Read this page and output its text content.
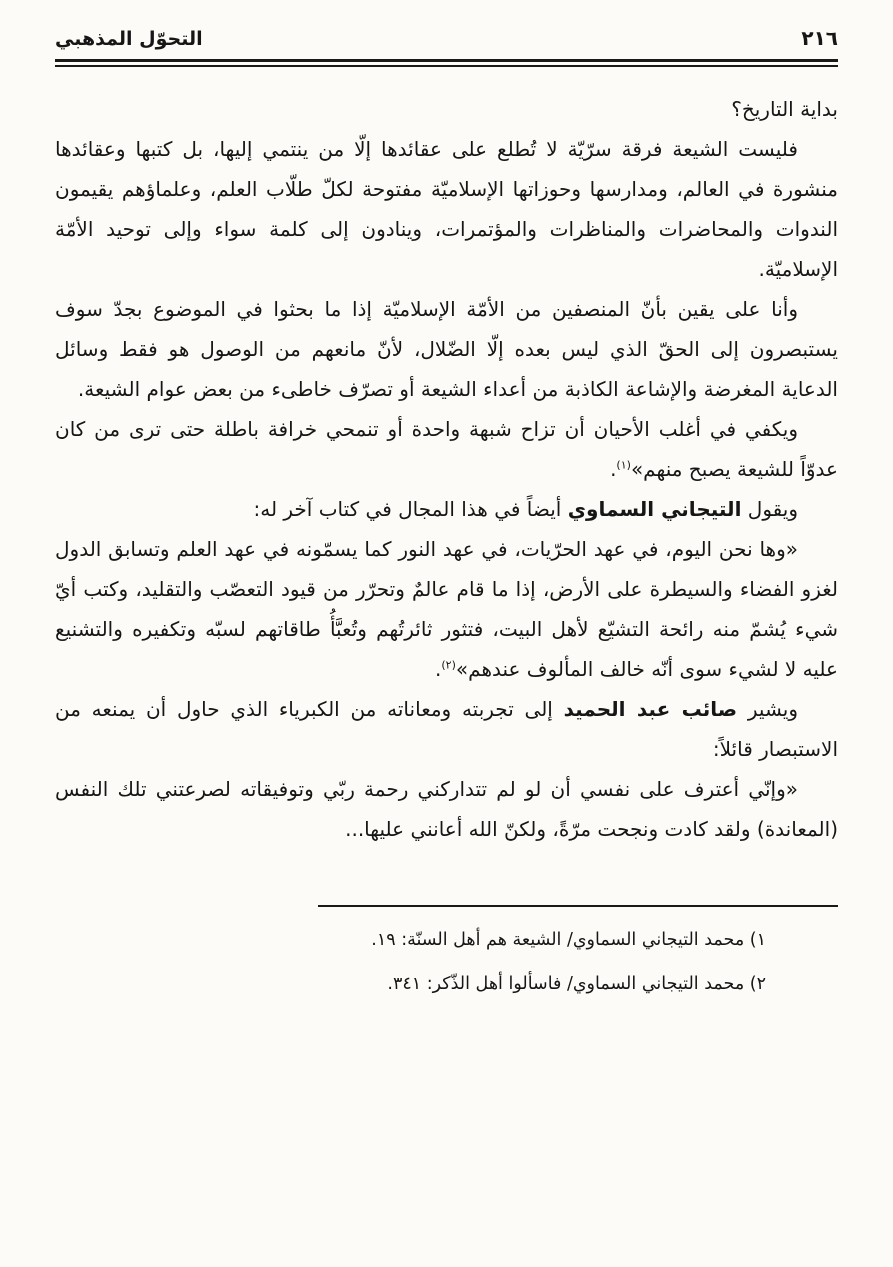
٢١٦
التحوّل المذهبي

بداية التاريخ؟

فليست الشيعة فرقة سرّيّة لا تُطلع على عقائدها إلّا من ينتمي إليها، بل كتبها وعقائدها منشورة في العالم، ومدارسها وحوزاتها الإسلاميّة مفتوحة لكلّ طلّاب العلم، وعلماؤهم يقيمون الندوات والمحاضرات والمناظرات والمؤتمرات، وينادون إلى كلمة سواء وإلى توحيد الأمّة الإسلاميّة.

وأنا على يقين بأنّ المنصفين من الأمّة الإسلاميّة إذا ما بحثوا في الموضوع بجدّ سوف يستبصرون إلى الحقّ الذي ليس بعده إلّا الضّلال، لأنّ مانعهم من الوصول هو فقط وسائل الدعاية المغرضة والإشاعة الكاذبة من أعداء الشيعة أو تصرّف خاطىء من بعض عوام الشيعة.

ويكفي في أغلب الأحيان أن تزاح شبهة واحدة أو تنمحي خرافة باطلة حتى ترى من كان عدوّاً للشيعة يصبح منهم»$^{(١)}$.

ويقول التيجاني السماوي أيضاً في هذا المجال في كتاب آخر له:

«وها نحن اليوم، في عهد الحرّيات، في عهد النور كما يسمّونه في عهد العلم وتسابق الدول لغزو الفضاء والسيطرة على الأرض، إذا ما قام عالمٌ وتحرّر من قيود التعصّب والتقليد، وكتب أيّ شيء يُشمّ منه رائحة التشيّع لأهل البيت، فتثور ثائرتُهم وتُعبَّأُ طاقاتهم لسبّه وتكفيره والتشنيع عليه لا لشيء سوى أنّه خالف المألوف عندهم»$^{(٢)}$.

ويشير صائب عبد الحميد إلى تجربته ومعاناته من الكبرياء الذي حاول أن يمنعه من الاستبصار قائلاً:

«وإنّي أعترف على نفسي أن لو لم تتداركني رحمة ربّي وتوفيقاته لصرعتني تلك النفس (المعاندة) ولقد كادت ونجحت مرّةً، ولكنّ الله أعانني عليها...

١) محمد التيجاني السماوي/ الشيعة هم أهل السنّة: ١٩.

٢) محمد التيجاني السماوي/ فاسألوا أهل الذّكر: ٣٤١.
